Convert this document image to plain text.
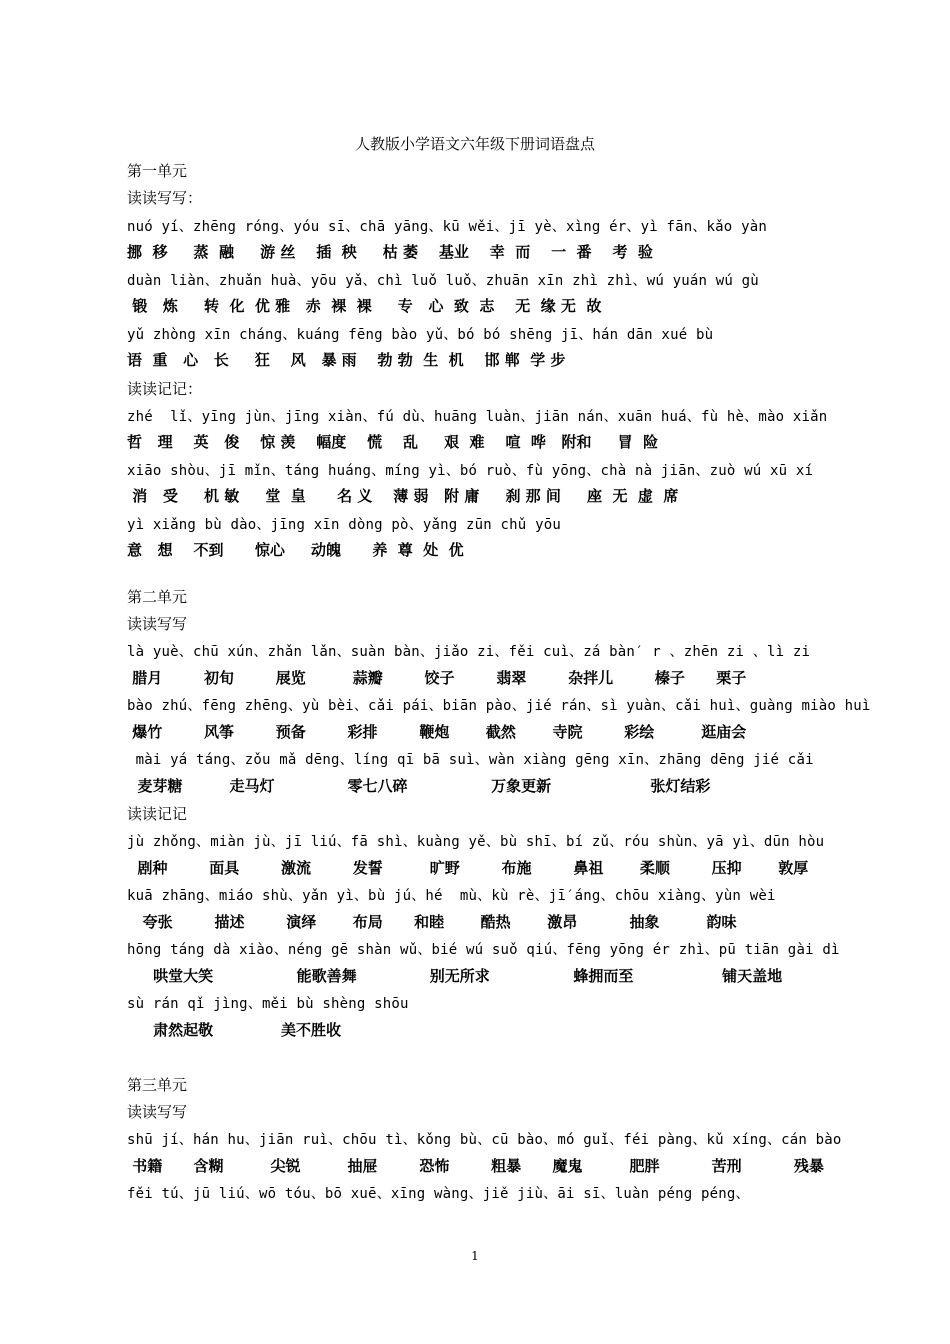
人教版小学语文六年级下册词语盘点
第一单元
读读写写：
nuó yí、zhēng róng、yóu sī、chā yāng、kū wěi、jī yè、xìng ér、yì fān、kǎo yàn
挪  移     蒸  融     游 丝    插  秧     枯 萎    基业    幸  而    一  番    考  验
duàn liàn、zhuǎn huà、yōu yǎ、chì luǒ luǒ、zhuān xīn zhì zhì、wú yuán wú gù
锻   炼     转  化  优 雅   赤  裸  裸     专   心  致  志    无  缘 无  故
yǔ zhòng xīn cháng、kuáng fēng bào yǔ、bó bó shēng jī、hán dān xué bù
语  重   心   长     狂    风   暴 雨    勃 勃  生  机    邯 郸  学 步
读读记记：
zhé  lǐ、yīng jùn、jīng xiàn、fú dù、huāng luàn、jiān nán、xuān huá、fù hè、mào xiǎn
哲   理    英   俊    惊 羡    幅度    慌    乱     艰  难    喧  哗   附和     冒  险
xiāo shòu、jī mǐn、táng huáng、míng yì、bó ruò、fù yōng、chà nà jiān、zuò wú xū xí
消   受     机 敏     堂  皇      名 义    薄 弱   附 庸     刹 那 间     座  无  虚  席
yì xiǎng bù dào、jīng xīn dòng pò、yǎng zūn chǔ yōu
意   想    不到      惊心     动魄      养  尊  处  优
第二单元
读读写写
là yuè、chū xún、zhǎn lǎn、suàn bàn、jiǎo zi、fěi cuì、zá bàn′ r 、zhēn zi 、lì zi
腊月        初旬        展览         蒜瓣        饺子        翡翠        杂拌儿        榛子      栗子
bào zhú、fēng zhēng、yù bèi、cǎi pái、biān pào、jié rán、sì yuàn、cǎi huì、guàng miào huì
爆竹        风筝        预备        彩排        鞭炮       截然       寺院        彩绘         逛庙会
mài yá táng、zǒu mǎ dēng、líng qī bā suì、wàn xiàng gēng xīn、zhāng dēng jié cǎi
麦芽糖         走马灯              零七八碎                万象更新                   张灯结彩
读读记记
jù zhǒng、miàn jù、jī liú、fā shì、kuàng yě、bù shī、bí zǔ、róu shùn、yā yì、dūn hòu
剧种        面具        激流        发誓         旷野        布施        鼻祖       柔顺        压抑       敦厚
kuā zhāng、miáo shù、yǎn yì、bù jú、hé  mù、kù rè、jī′áng、chōu xiàng、yùn wèi
夸张        描述        演绎       布局      和睦       酷热       激昂          抽象         韵味
hōng táng dà xiào、néng gē shàn wǔ、bié wú suǒ qiú、fēng yōng ér zhì、pū tiān gài dì
哄堂大笑                能歌善舞              别无所求                蜂拥而至                 铺天盖地
sù rán qǐ jìng、měi bù shèng shōu
肃然起敬             美不胜收
第三单元
读读写写
shū jí、hán hu、jiān ruì、chōu tì、kǒng bù、cū bào、mó guǐ、féi pàng、kǔ xíng、cán bào
书籍      含糊         尖锐         抽屉        恐怖        粗暴      魔鬼         肥胖          苦刑          残暴
fěi tú、jū liú、wō tóu、bō xuē、xīng wàng、jiě jiù、āi sī、luàn péng péng、
1
